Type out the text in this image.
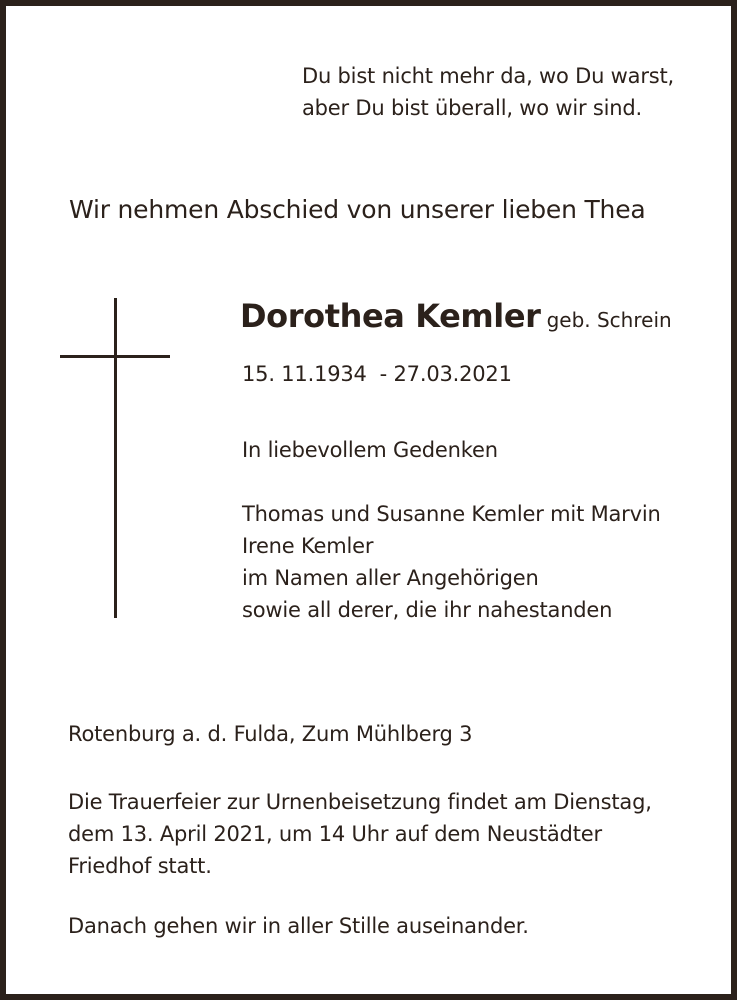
Du bist nicht mehr da, wo Du warst,
aber Du bist überall, wo wir sind.
Wir nehmen Abschied von unserer lieben Thea
Dorothea Kemler geb. Schrein
15. 11.1934  - 27.03.2021
In liebevollem Gedenken
Thomas und Susanne Kemler mit Marvin
Irene Kemler
im Namen aller Angehörigen
sowie all derer, die ihr nahestanden
Rotenburg a. d. Fulda, Zum Mühlberg 3
Die Trauerfeier zur Urnenbeisetzung findet am Dienstag,
dem 13. April 2021, um 14 Uhr auf dem Neustädter
Friedhof statt.
Danach gehen wir in aller Stille auseinander.
